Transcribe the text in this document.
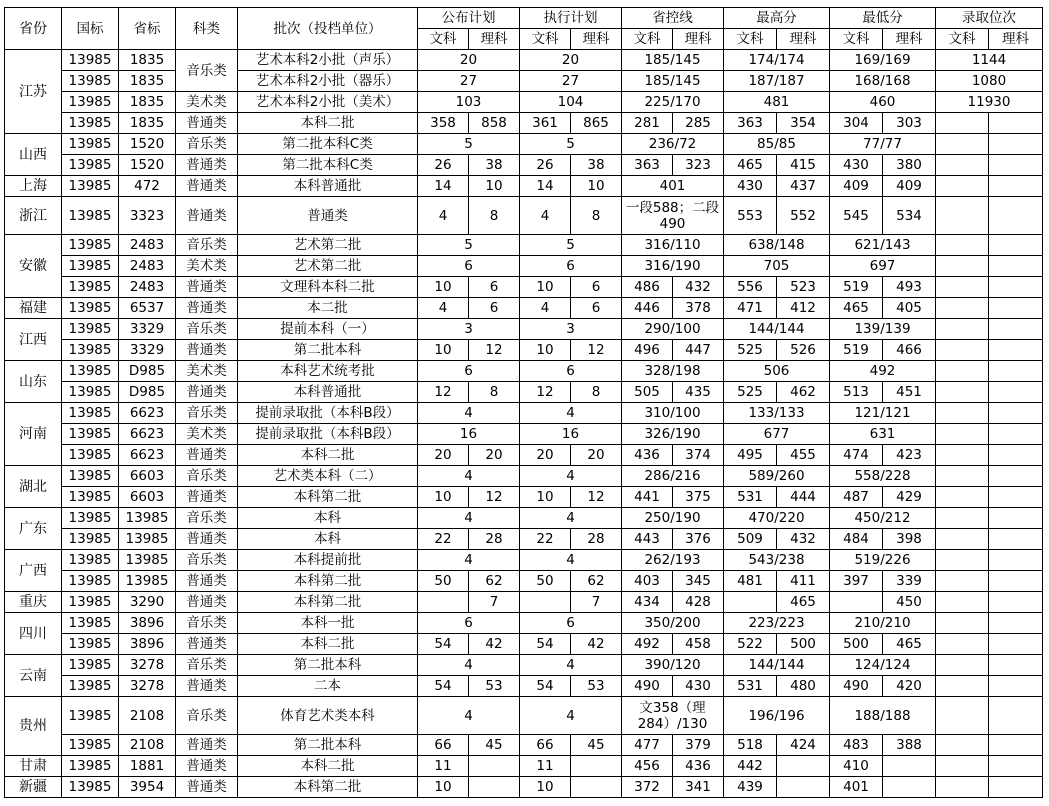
省份	国标	省标	科类	批次（投档单位）	公布计划		执行计划		省控线		最高分		最低分		录取位次	
					文科	理科	文科	理科	文科	理科	文科	理科	文科	理科	文科	理科
江苏	13985	1835	音乐类	艺术本科2小批（声乐）	20		20		185/145		174/174		169/169		1144	
	13985	1835		艺术本科2小批（器乐）	27		27		185/145		187/187		168/168		1080	
	13985	1835	美术类	艺术本科2小批（美术）	103		104		225/170		481		460		11930	
	13985	1835	普通类	本科二批	358	858	361	865	281	285	363	354	304	303		
山西	13985	1520	音乐类	第二批本科C类	5		5		236/72		85/85		77/77			
	13985	1520	普通类	第二批本科C类	26	38	26	38	363	323	465	415	430	380		
上海	13985	472	普通类	本科普通批	14	10	14	10	401		430	437	409	409		
浙江	13985	3323	普通类	普通类	4	8	4	8	一段588；二段490		553	552	545	534		
安徽	13985	2483	音乐类	艺术第二批	5		5		316/110		638/148		621/143			
	13985	2483	美术类	艺术第二批	6		6		316/190		705		697			
	13985	2483	普通类	文理科本科二批	10	6	10	6	486	432	556	523	519	493		
福建	13985	6537	普通类	本二批	4	6	4	6	446	378	471	412	465	405		
江西	13985	3329	音乐类	提前本科（一）	3		3		290/100		144/144		139/139			
	13985	3329	普通类	第二批本科	10	12	10	12	496	447	525	526	519	466		
山东	13985	D985	美术类	本科艺术统考批	6		6		328/198		506		492			
	13985	D985	普通类	本科普通批	12	8	12	8	505	435	525	462	513	451		
河南	13985	6623	音乐类	提前录取批（本科B段）	4		4		310/100		133/133		121/121			
	13985	6623	美术类	提前录取批（本科B段）	16		16		326/190		677		631			
	13985	6623	普通类	本科二批	20	20	20	20	436	374	495	455	474	423		
湖北	13985	6603	音乐类	艺术类本科（二）	4		4		286/216		589/260		558/228			
	13985	6603	普通类	本科第二批	10	12	10	12	441	375	531	444	487	429		
广东	13985	13985	音乐类	本科	4		4		250/190		470/220		450/212			
	13985	13985	普通类	本科	22	28	22	28	443	376	509	432	484	398		
广西	13985	13985	音乐类	本科提前批	4		4		262/193		543/238		519/226			
	13985	13985	普通类	本科第二批	50	62	50	62	403	345	481	411	397	339		
重庆	13985	3290	普通类	本科第二批		7		7	434	428		465		450		
四川	13985	3896	音乐类	本科一批	6		6		350/200		223/223		210/210			
	13985	3896	普通类	本科二批	54	42	54	42	492	458	522	500	500	465		
云南	13985	3278	音乐类	第二批本科	4		4		390/120		144/144		124/124			
	13985	3278	普通类	二本	54	53	54	53	490	430	531	480	490	420		
贵州	13985	2108	音乐类	体育艺术类本科	4		4		文358（理284）/130		196/196		188/188			
	13985	2108	普通类	第二批本科	66	45	66	45	477	379	518	424	483	388		
甘肃	13985	1881	普通类	本科二批	11		11		456	436	442		410			
新疆	13985	3954	普通类	本科第二批	10		10		372	341	439		401			
